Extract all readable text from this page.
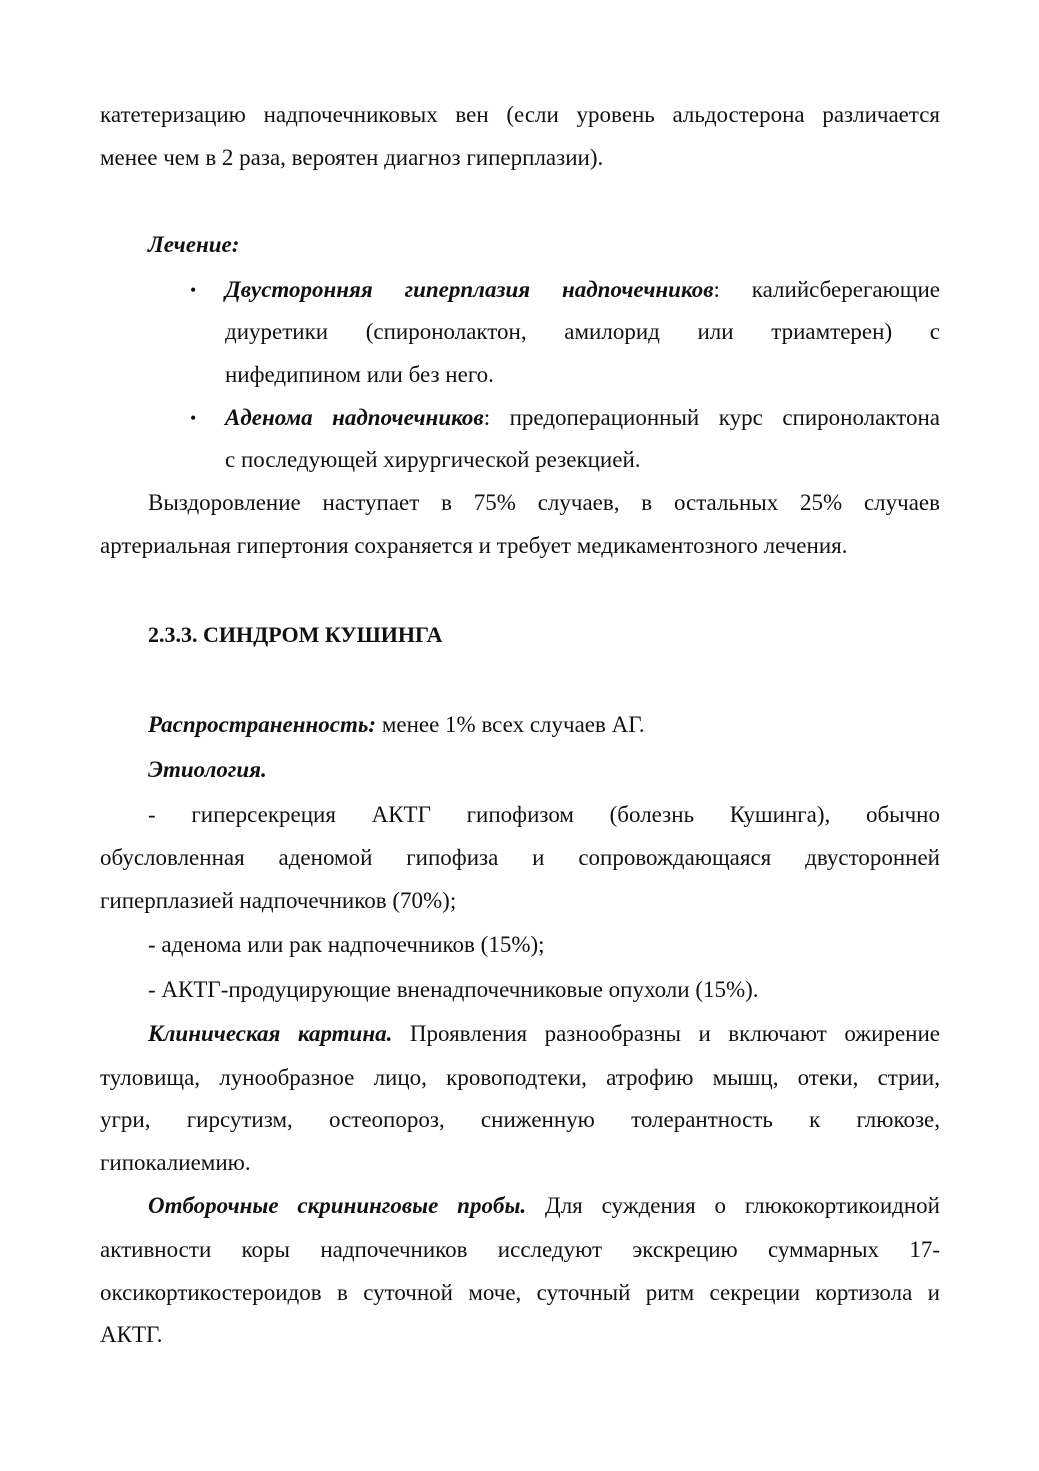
катетеризацию надпочечниковых вен (если уровень альдостерона различается
менее чем в 2 раза, вероятен диагноз гиперплазии).
Лечение:
• Двусторонняя гиперплазия надпочечников: калийсберегающие
диуретики (спиронолактон, амилорид или триамтерен) с
нифедипином или без него.
• Аденома надпочечников: предоперационный курс спиронолактона
с последующей хирургической резекцией.
Выздоровление наступает в 75% случаев, в остальных 25% случаев
артериальная гипертония сохраняется и требует медикаментозного лечения.
2.3.3. СИНДРОМ КУШИНГА
Распространенность: менее 1% всех случаев АГ.
Этиология.
- гиперсекреция АКТГ гипофизом (болезнь Кушинга), обычно
обусловленная аденомой гипофиза и сопровождающаяся двусторонней
гиперплазией надпочечников (70%);
- аденома или рак надпочечников (15%);
- АКТГ-продуцирующие вненадпочечниковые опухоли (15%).
Клиническая картина. Проявления разнообразны и включают ожирение
туловища, лунообразное лицо, кровоподтеки, атрофию мышц, отеки, стрии,
угри, гирсутизм, остеопороз, сниженную толерантность к глюкозе,
гипокалиемию.
Отборочные скрининговые пробы. Для суждения о глюкокортикоидной
активности коры надпочечников исследуют экскрецию суммарных 17-
оксикортикостероидов в суточной моче, суточный ритм секреции кортизола и
АКТГ.
